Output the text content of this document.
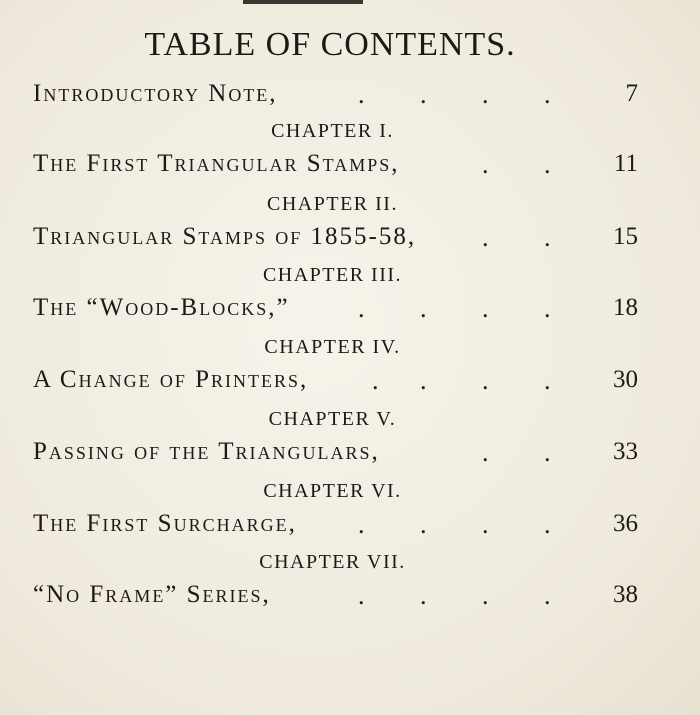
TABLE OF CONTENTS.
Introductory Note,	7
. . . .
CHAPTER I.
The First Triangular Stamps,	11
. .
CHAPTER II.
Triangular Stamps of 1855-58,	15
. .
CHAPTER III.
The “Wood-Blocks,”	18
. . . .
CHAPTER IV.
A Change of Printers,	30
. . . .
CHAPTER V.
Passing of the Triangulars,	33
. .
CHAPTER VI.
The First Surcharge,	36
. . . .
CHAPTER VII.
“No Frame” Series,	38
. . . .
